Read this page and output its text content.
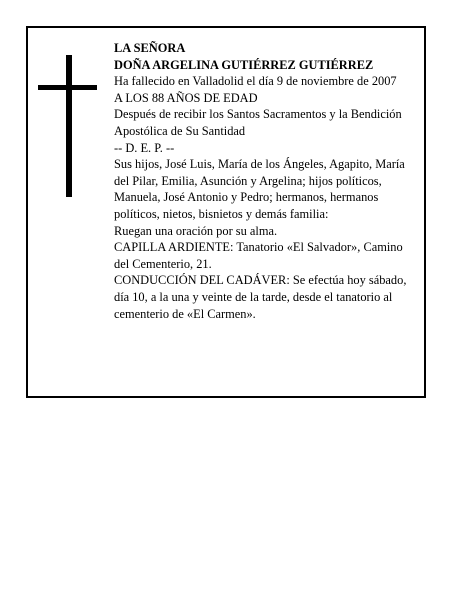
LA SEÑORA
DOÑA ARGELINA GUTIÉRREZ GUTIÉRREZ
Ha fallecido en Valladolid el día 9 de noviembre de 2007
A LOS 88 AÑOS DE EDAD
Después de recibir los Santos Sacramentos y la Bendición Apostólica de Su Santidad
-- D. E. P. --
Sus hijos, José Luis, María de los Ángeles, Agapito, María del Pilar, Emilia, Asunción y Argelina; hijos políticos, Manuela, José Antonio y Pedro; hermanos, hermanos políticos, nietos, bisnietos y demás familia:
Ruegan una oración por su alma.
CAPILLA ARDIENTE: Tanatorio «El Salvador», Camino del Cementerio, 21.
CONDUCCIÓN DEL CADÁVER: Se efectúa hoy sábado, día 10, a la una y veinte de la tarde, desde el tanatorio al cementerio de «El Carmen».
